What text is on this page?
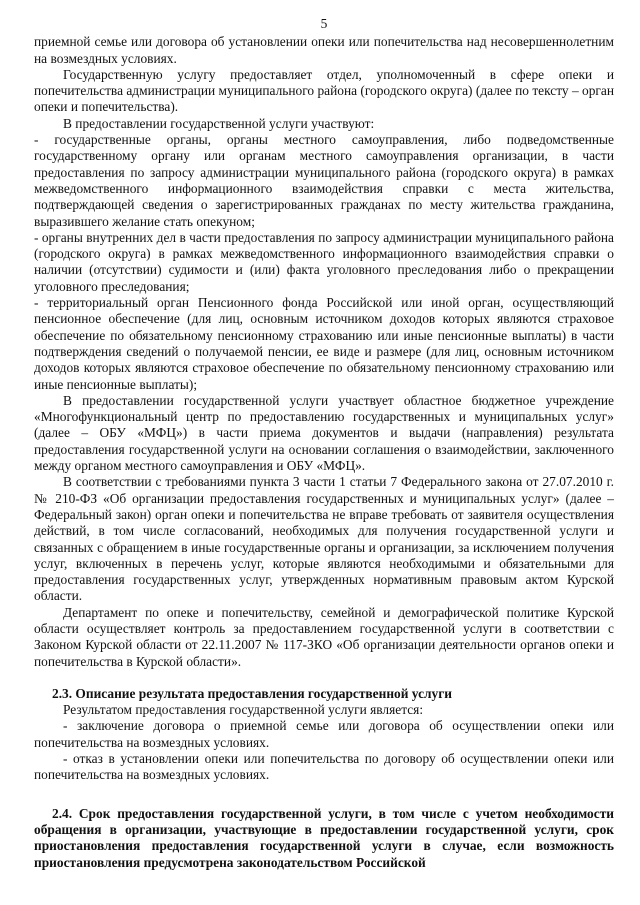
5

приемной семье или договора об установлении опеки или попечительства над несовершеннолетним на возмездных условиях.

Государственную услугу предоставляет отдел, уполномоченный в сфере опеки и попечительства администрации муниципального района (городского округа) (далее по тексту – орган опеки и попечительства).

В предоставлении государственной услуги участвуют:

- государственные органы, органы местного самоуправления, либо подведомственные государственному органу или органам местного самоуправления организации, в части предоставления по запросу администрации муниципального района (городского округа) в рамках межведомственного информационного взаимодействия справки с места жительства, подтверждающей сведения о зарегистрированных гражданах по месту жительства гражданина, выразившего желание стать опекуном;

- органы внутренних дел в части предоставления по запросу администрации муниципального района (городского округа) в рамках межведомственного информационного взаимодействия справки о наличии (отсутствии) судимости и (или) факта уголовного преследования либо о прекращении уголовного преследования;

- территориальный орган Пенсионного фонда Российской или иной орган, осуществляющий пенсионное обеспечение (для лиц, основным источником доходов которых являются страховое обеспечение по обязательному пенсионному страхованию или иные пенсионные выплаты) в части подтверждения сведений о получаемой пенсии, ее виде и размере (для лиц, основным источником доходов которых являются страховое обеспечение по обязательному пенсионному страхованию или иные пенсионные выплаты);

В предоставлении государственной услуги участвует областное бюджетное учреждение «Многофункциональный центр по предоставлению государственных и муниципальных услуг» (далее – ОБУ «МФЦ») в части приема документов и выдачи (направления) результата предоставления государственной услуги на основании соглашения о взаимодействии, заключенного между органом местного самоуправления и ОБУ «МФЦ».

В соответствии с требованиями пункта 3 части 1 статьи 7 Федерального закона от 27.07.2010 г. № 210-ФЗ «Об организации предоставления государственных и муниципальных услуг» (далее – Федеральный закон) орган опеки и попечительства не вправе требовать от заявителя осуществления действий, в том числе согласований, необходимых для получения государственной услуги и связанных с обращением в иные государственные органы и организации, за исключением получения услуг, включенных в перечень услуг, которые являются необходимыми и обязательными для предоставления государственных услуг, утвержденных нормативным правовым актом Курской области.

Департамент по опеке и попечительству, семейной и демографической политике Курской области осуществляет контроль за предоставлением государственной услуги в соответствии с Законом Курской области от 22.11.2007 № 117-ЗКО «Об организации деятельности органов опеки и попечительства в Курской области».

2.3. Описание результата предоставления государственной услуги

Результатом предоставления государственной услуги является:

- заключение договора о приемной семье или договора об осуществлении опеки или попечительства на возмездных условиях.

- отказ в установлении опеки или попечительства по договору об осуществлении опеки или попечительства на возмездных условиях.

2.4. Срок предоставления государственной услуги, в том числе с учетом необходимости обращения в организации, участвующие в предоставлении государственной услуги, срок приостановления предоставления государственной услуги в случае, если возможность приостановления предусмотрена законодательством Российской
